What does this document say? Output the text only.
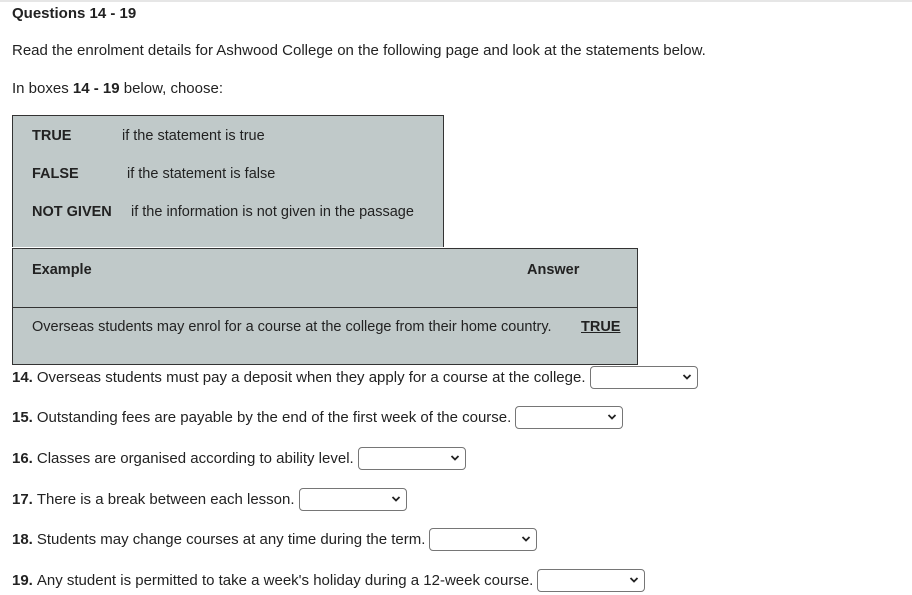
Questions 14 - 19
Read the enrolment details for Ashwood College on the following page and look at the statements below.
In boxes 14 - 19 below, choose:
TRUE	if the statement is true
FALSE	if the statement is false
NOT GIVEN if the information is not given in the passage
Example	Answer
Overseas students may enrol for a course at the college from their home country. TRUE
14. Overseas students must pay a deposit when they apply for a course at the college.
15. Outstanding fees are payable by the end of the first week of the course.
16. Classes are organised according to ability level.
17. There is a break between each lesson.
18. Students may change courses at any time during the term.
19. Any student is permitted to take a week's holiday during a 12-week course.
